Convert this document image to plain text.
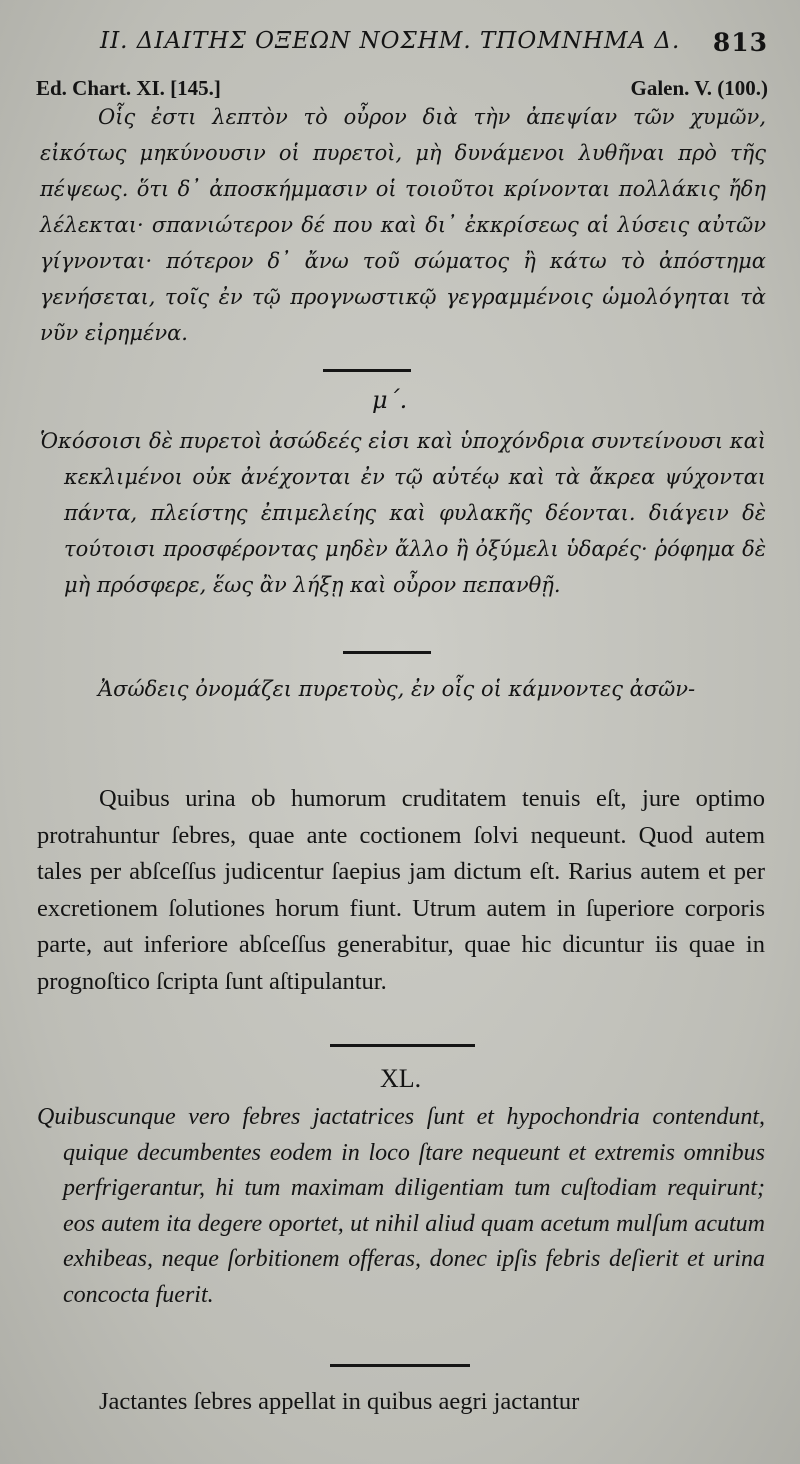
II. ΔΙΑΙΤΗΣ ΟΞΕΩΝ ΝΟΣΗΜ. ΤΠΟΜΝΗΜΑ Δ. 813
Ed. Chart. XI. [145.]	Galen. V. (100.)
Οἷς ἐστι λεπτὸν τὸ οὖρον διὰ τὴν ἀπεψίαν τῶν χυμῶν, εἰκότως μηκύνουσιν οἱ πυρετοὶ, μὴ δυνάμενοι λυθῆναι πρὸ τῆς πέψεως. ὅτι δ᾽ ἀποσκήμμασιν οἱ τοιοῦτοι κρίνονται πολλάκις ἤδη λέλεκται· σπανιώτερον δέ που καὶ δι᾽ ἐκκρίσεως αἱ λύσεις αὐτῶν γίγνονται· πότερον δ᾽ ἄνω τοῦ σώματος ἢ κάτω τὸ ἀπόστημα γενήσεται, τοῖς ἐν τῷ προγνωστικῷ γεγραμμένοις ὡμολόγηται τὰ νῦν εἰρημένα.
μ΄.
Ὁκόσοισι δὲ πυρετοὶ ἀσώδεές εἰσι καὶ ὑποχόνδρια συντείνουσι καὶ κεκλιμένοι οὐκ ἀνέχονται ἐν τῷ αὐτέῳ καὶ τὰ ἄκρεα ψύχονται πάντα, πλείστης ἐπιμελείης καὶ φυλακῆς δέονται. διάγειν δὲ τούτοισι προσφέροντας μηδὲν ἄλλο ἢ ὀξύμελι ὑδαρές· ῥόφημα δὲ μὴ πρόσφερε, ἕως ἂν λήξῃ καὶ οὖρον πεπανθῇ.
Ἀσώδεις ὀνομάζει πυρετοὺς, ἐν οἷς οἱ κάμνοντες ἀσῶν-
Quibus urina ob humorum cruditatem tenuis eſt, jure optimo protrahuntur ſebres, quae ante coctionem ſolvi nequeunt. Quod autem tales per abſceſſus judicentur ſaepius jam dictum eſt. Rarius autem et per excretionem ſolutiones horum fiunt. Utrum autem in ſuperiore corporis parte, aut inferiore abſceſſus generabitur, quae hic dicuntur iis quae in prognoſtico ſcripta ſunt aſtipulantur.
XL.
Quibuscunque vero febres jactatrices ſunt et hypochondria contendunt, quique decumbentes eodem in loco ſtare nequeunt et extremis omnibus perfrigerantur, hi tum maximam diligentiam tum cuſtodiam requirunt; eos autem ita degere oportet, ut nihil aliud quam acetum mulſum acutum exhibeas, neque ſorbitionem offeras, donec ipſis febris deſierit et urina concocta fuerit.
Jactantes ſebres appellat in quibus aegri jactantur
